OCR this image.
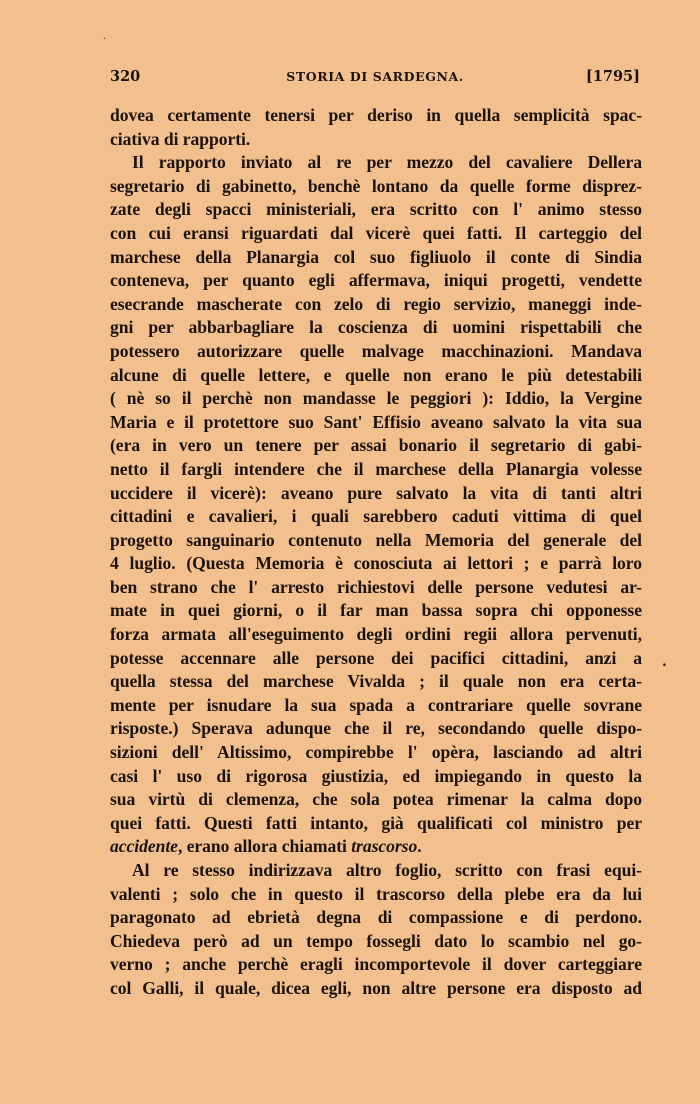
·
320	STORIA DI SARDEGNA.	[1795]
dovea certamente tenersi per deriso in quella semplicità spac-
ciativa di rapporti.
Il rapporto inviato al re per mezzo del cavaliere Dellera
segretario di gabinetto, benchè lontano da quelle forme disprez-
zate degli spacci ministeriali, era scritto con l' animo stesso
con cui eransi riguardati dal vicerè quei fatti. Il carteggio del
marchese della Planargia col suo figliuolo il conte di Sindia
conteneva, per quanto egli affermava, iniqui progetti, vendette
esecrande mascherate con zelo di regio servizio, maneggi inde-
gni per abbarbagliare la coscienza di uomini rispettabili che
potessero autorizzare quelle malvage macchinazioni. Mandava
alcune di quelle lettere, e quelle non erano le più detestabili
( nè so il perchè non mandasse le peggiori ): Iddio, la Vergine
Maria e il protettore suo Sant' Effisio aveano salvato la vita sua
(era in vero un tenere per assai bonario il segretario di gabi-
netto il fargli intendere che il marchese della Planargia volesse
uccidere il vicerè): aveano pure salvato la vita di tanti altri
cittadini e cavalieri, i quali sarebbero caduti vittima di quel
progetto sanguinario contenuto nella Memoria del generale del
4 luglio. (Questa Memoria è conosciuta ai lettori ; e parrà loro
ben strano che l' arresto richiestovi delle persone vedutesi ar-
mate in quei giorni, o il far man bassa sopra chi opponesse
forza armata all'eseguimento degli ordini regii allora pervenuti,
potesse accennare alle persone dei pacifici cittadini, anzi a
quella stessa del marchese Vivalda ; il quale non era certa-
mente per isnudare la sua spada a contrariare quelle sovrane
risposte.) Sperava adunque che il re, secondando quelle dispo-
sizioni dell' Altissimo, compirebbe l' opèra, lasciando ad altri
casi l' uso di rigorosa giustizia, ed impiegando in questo la
sua virtù di clemenza, che sola potea rimenar la calma dopo
quei fatti. Questi fatti intanto, già qualificati col ministro per
accidente, erano allora chiamati trascorso.
Al re stesso indirizzava altro foglio, scritto con frasi equi-
valenti ; solo che in questo il trascorso della plebe era da lui
paragonato ad ebrietà degna di compassione e di perdono.
Chiedeva però ad un tempo fossegli dato lo scambio nel go-
verno ; anche perchè eragli incomportevole il dover carteggiare
col Galli, il quale, dicea egli, non altre persone era disposto ad
.
